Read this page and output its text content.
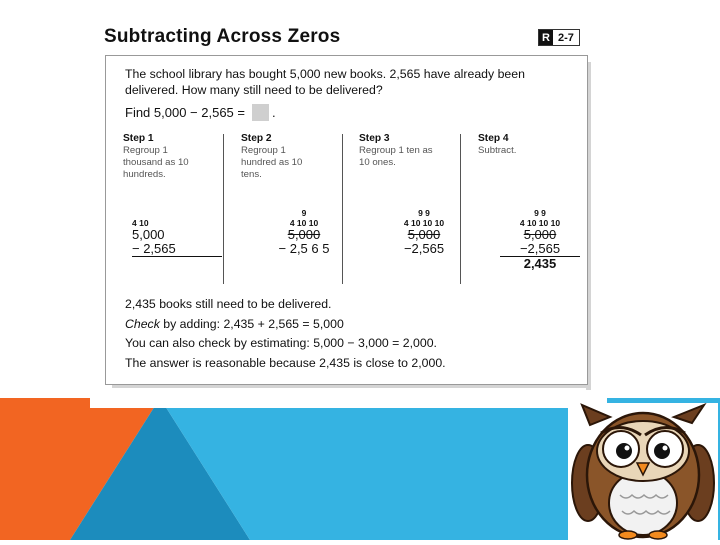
Subtracting Across Zeros	R 2-7
The school library has bought 5,000 new books. 2,565 have already been
delivered. How many still need to be delivered?
Find 5,000 − 2,565 = .
Step 1
Regroup 1
thousand as 10
hundreds.
Step 2
Regroup 1
hundred as 10
tens.
Step 3
Regroup 1 ten as
10 ones.
Step 4
Subtract.
4 10
5,000
− 2,565
9
4 10 10
5,000
− 2,5 6 5
9 9
4 10 10 10
5,000
−2,565
9 9
4 10 10 10
5,000
−2,565
2,435
2,435 books still need to be delivered.
Check by adding: 2,435 + 2,565 = 5,000
You can also check by estimating: 5,000 − 3,000 = 2,000.
The answer is reasonable because 2,435 is close to 2,000.
